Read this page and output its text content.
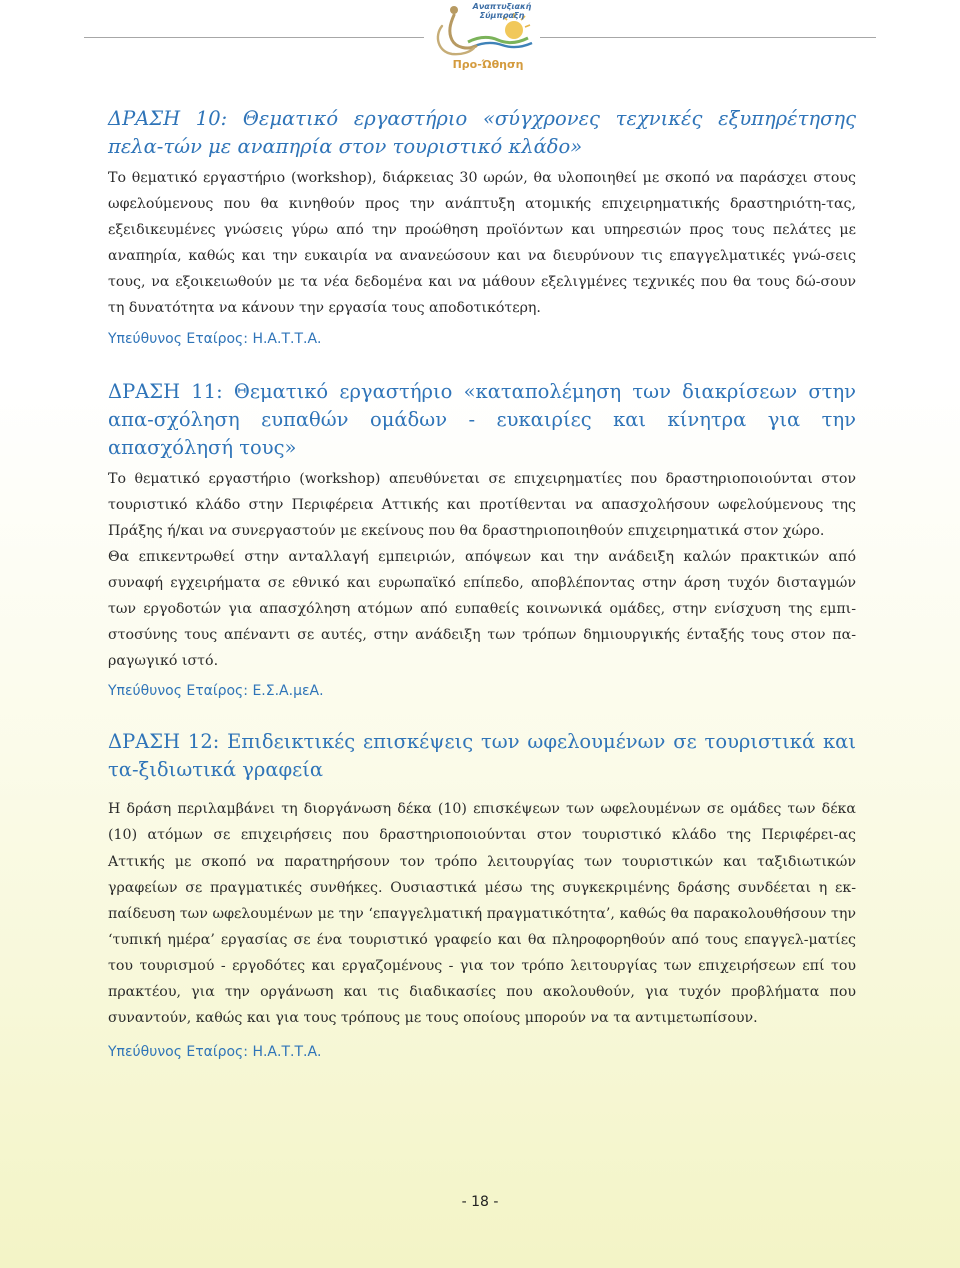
Αναπτυξιακή Σύμπραξη
Προ-Ώθηση
ΔΡΑΣΗ 10: Θεματικό εργαστήριο «σύγχρονες τεχνικές εξυπηρέτησης πελα-τών με αναπηρία στον τουριστικό κλάδο»

Το θεματικό εργαστήριο (workshop), διάρκειας 30 ωρών, θα υλοποιηθεί με σκοπό να παράσχει στους ωφελούμενους που θα κινηθούν προς την ανάπτυξη ατομικής επιχειρηματικής δραστηριότη-τας, εξειδικευμένες γνώσεις γύρω από την προώθηση προϊόντων και υπηρεσιών προς τους πελάτες με αναπηρία, καθώς και την ευκαιρία να ανανεώσουν και να διευρύνουν τις επαγγελματικές γνώ-σεις τους, να εξοικειωθούν με τα νέα δεδομένα και να μάθουν εξελιγμένες τεχνικές που θα τους δώ-σουν τη δυνατότητα να κάνουν την εργασία τους αποδοτικότερη.

Υπεύθυνος Εταίρος: Η.Α.Τ.Τ.Α.
ΔΡΑΣΗ 11: Θεματικό εργαστήριο «καταπολέμηση των διακρίσεων στην απα-σχόληση ευπαθών ομάδων - ευκαιρίες και κίνητρα για την απασχόλησή τους»

Το θεματικό εργαστήριο (workshop) απευθύνεται σε επιχειρηματίες που δραστηριοποιούνται στον τουριστικό κλάδο στην Περιφέρεια Αττικής και προτίθενται να απασχολήσουν ωφελούμενους της Πράξης ή/και να συνεργαστούν με εκείνους που θα δραστηριοποιηθούν επιχειρηματικά στον χώρο.

Θα επικεντρωθεί στην ανταλλαγή εμπειριών, απόψεων και την ανάδειξη καλών πρακτικών από συναφή εγχειρήματα σε εθνικό και ευρωπαϊκό επίπεδο, αποβλέποντας στην άρση τυχόν δισταγμών των εργοδοτών για απασχόληση ατόμων από ευπαθείς κοινωνικά ομάδες, στην ενίσχυση της εμπι-στοσύνης τους απέναντι σε αυτές, στην ανάδειξη των τρόπων δημιουργικής ένταξής τους στον πα-ραγωγικό ιστό.

Υπεύθυνος Εταίρος: Ε.Σ.Α.μεΑ.
ΔΡΑΣΗ 12: Επιδεικτικές επισκέψεις των ωφελουμένων σε τουριστικά και τα-ξιδιωτικά γραφεία

Η δράση περιλαμβάνει τη διοργάνωση δέκα (10) επισκέψεων των ωφελουμένων σε ομάδες των δέκα (10) ατόμων σε επιχειρήσεις που δραστηριοποιούνται στον τουριστικό κλάδο της Περιφέρει-ας Αττικής με σκοπό να παρατηρήσουν τον τρόπο λειτουργίας των τουριστικών και ταξιδιωτικών γραφείων σε πραγματικές συνθήκες. Ουσιαστικά μέσω της συγκεκριμένης δράσης συνδέεται η εκ-παίδευση των ωφελουμένων με την ‘επαγγελματική πραγματικότητα’, καθώς θα παρακολουθήσουν την ‘τυπική ημέρα’ εργασίας σε ένα τουριστικό γραφείο και θα πληροφορηθούν από τους επαγγελ-ματίες του τουρισμού - εργοδότες και εργαζομένους - για τον τρόπο λειτουργίας των επιχειρήσεων επί του πρακτέου, για την οργάνωση και τις διαδικασίες που ακολουθούν, για τυχόν προβλήματα που συναντούν, καθώς και για τους τρόπους με τους οποίους μπορούν να τα αντιμετωπίσουν.

Υπεύθυνος Εταίρος: Η.Α.Τ.Τ.Α.
- 18 -
